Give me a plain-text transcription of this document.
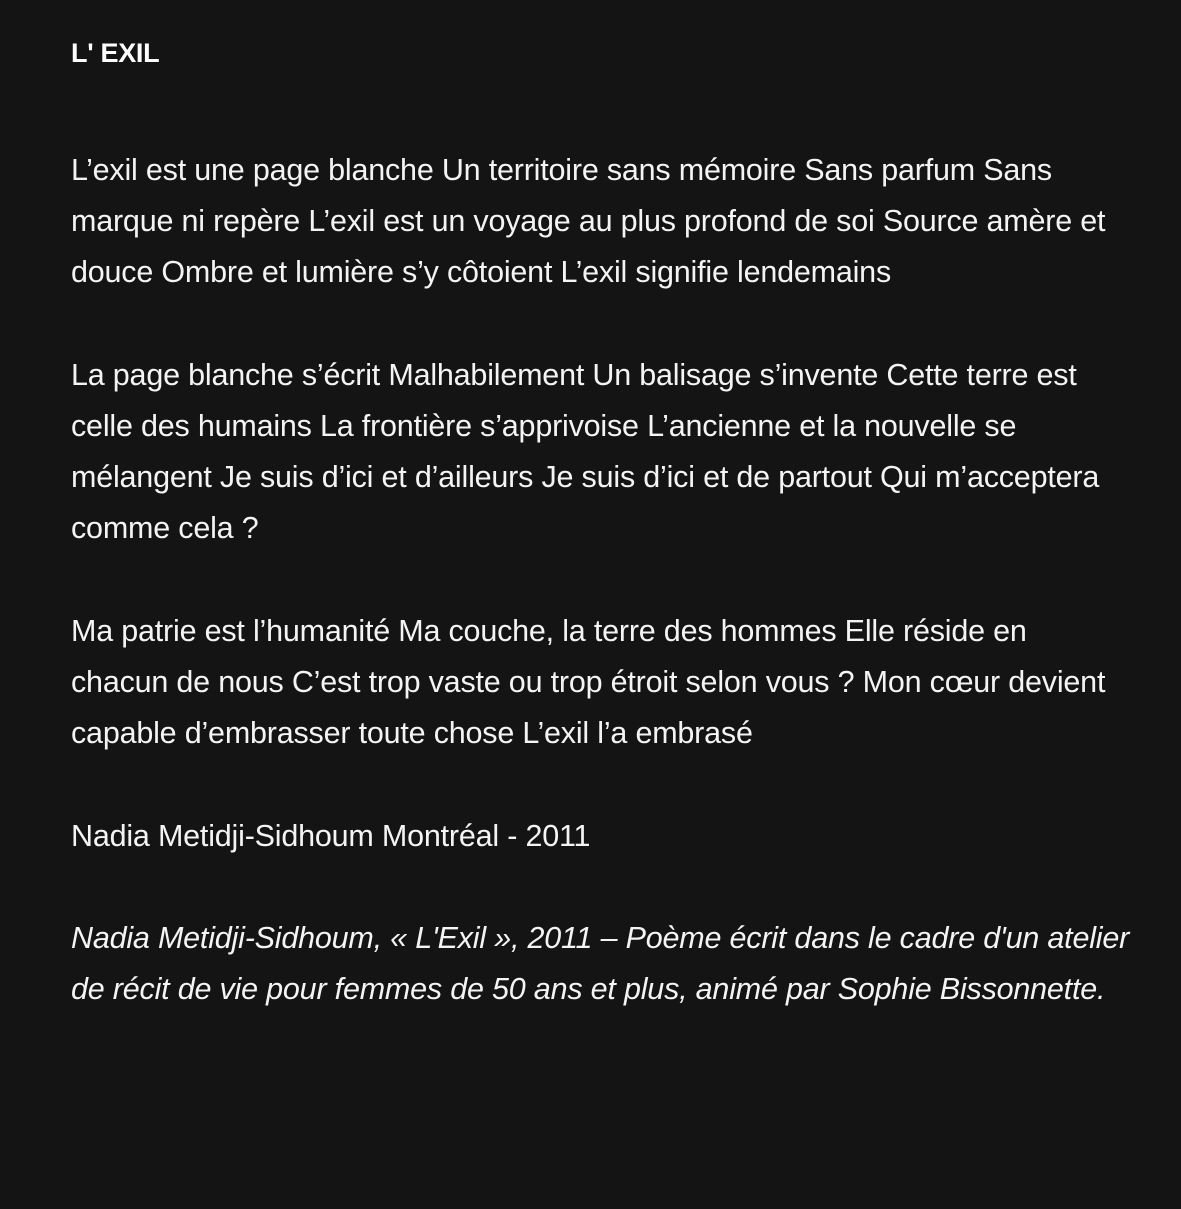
L' EXIL

L’exil est une page blanche Un territoire sans mémoire Sans parfum Sans marque ni repère L’exil est un voyage au plus profond de soi Source amère et douce Ombre et lumière s’y côtoient L’exil signifie lendemains

La page blanche s’écrit Malhabilement Un balisage s’invente Cette terre est celle des humains La frontière s’apprivoise L’ancienne et la nouvelle se mélangent Je suis d’ici et d’ailleurs Je suis d’ici et de partout Qui m’acceptera comme cela ?

Ma patrie est l’humanité Ma couche, la terre des hommes Elle réside en chacun de nous C’est trop vaste ou trop étroit selon vous ? Mon cœur devient capable d’embrasser toute chose L’exil l’a embrasé

Nadia Metidji-Sidhoum Montréal - 2011

Nadia Metidji-Sidhoum, « L'Exil », 2011 – Poème écrit dans le cadre d'un atelier de récit de vie pour femmes de 50 ans et plus, animé par Sophie Bissonnette.
